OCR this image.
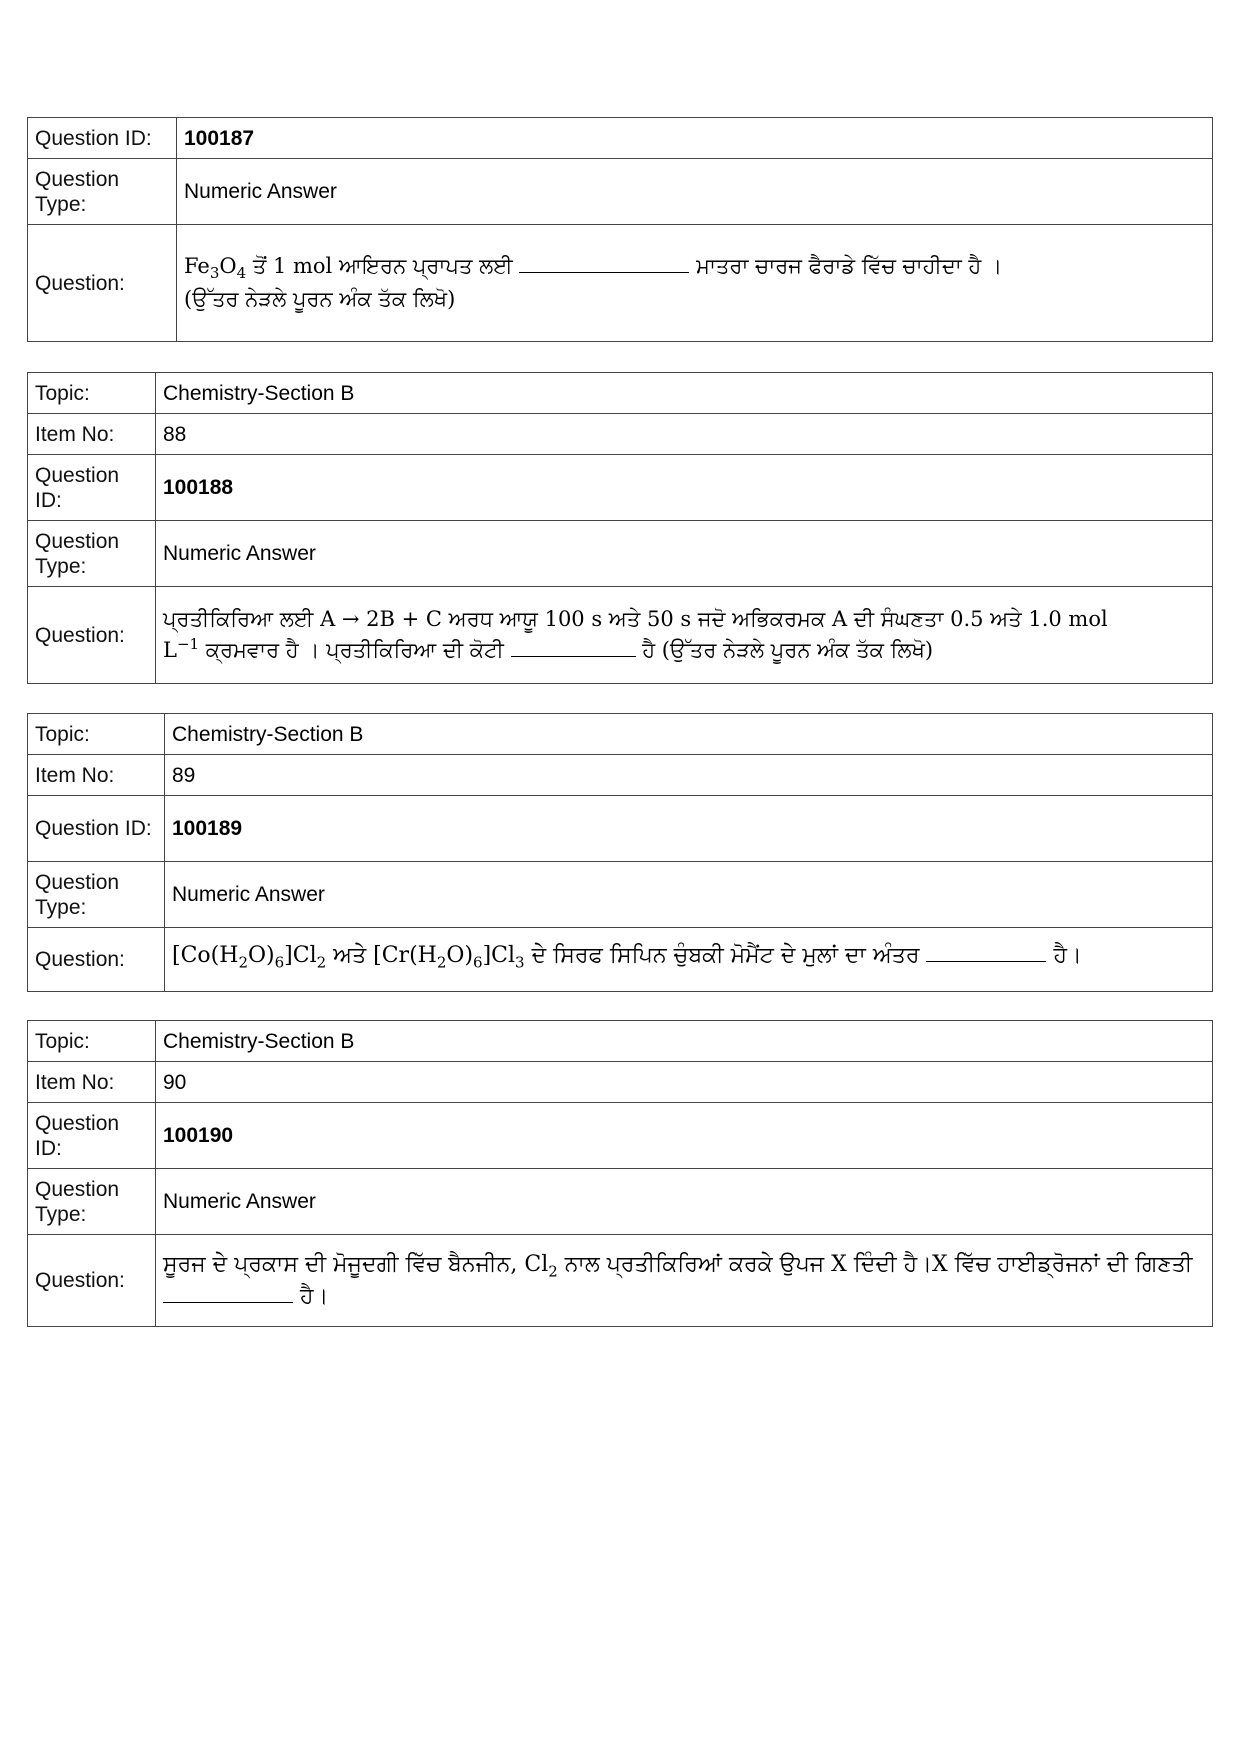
Question ID:	100187
Question Type:	Numeric Answer
Question:	$Fe_3O_4$ ਤੋਂ 1 mol ਆਇਰਨ ਪ੍ਰਾਪਤ ਲਈ ਮਾਤਰਾ ਚਾਰਜ ਫੈਰਾਡੇ ਵਿੱਚ ਚਾਹੀਦਾ ਹੈ ।
(ਉੱਤਰ ਨੇੜਲੇ ਪੂਰਨ ਅੰਕ ਤੱਕ ਲਿਖੋ)
Topic:	Chemistry-Section B
Item No:	88
Question ID:	100188
Question Type:	Numeric Answer
Question:	ਪ੍ਰਤੀਕਿਰਿਆ ਲਈ A → 2B + C ਅਰਧ ਆਯੂ 100 s ਅਤੇ 50 s ਜਦੋ ਅਭਿਕਰਮਕ A ਦੀ ਸੰਘਣਤਾ 0.5 ਅਤੇ 1.0 mol
$L^{-1}$ ਕ੍ਰਮਵਾਰ ਹੈ । ਪ੍ਰਤੀਕਿਰਿਆ ਦੀ ਕੋਟੀ ਹੈ (ਉੱਤਰ ਨੇੜਲੇ ਪੂਰਨ ਅੰਕ ਤੱਕ ਲਿਖੋ)
Topic:	Chemistry-Section B
Item No:	89
Question ID:	100189
Question Type:	Numeric Answer
Question:	$[Co(H_2O)_6]Cl_2$ ਅਤੇ $[Cr(H_2O)_6]Cl_3$ ਦੇ ਸਿਰਫ ਸਿਪਿਨ ਚੁੰਬਕੀ ਮੋਮੈਂਟ ਦੇ ਮੁਲਾਂ ਦਾ ਅੰਤਰ ਹੈ।
Topic:	Chemistry-Section B
Item No:	90
Question ID:	100190
Question Type:	Numeric Answer
Question:	ਸੂਰਜ ਦੇ ਪ੍ਰਕਾਸ ਦੀ ਮੋਜੂਦਗੀ ਵਿੱਚ ਬੈਨਜੀਨ, $Cl_2$ ਨਾਲ ਪ੍ਰਤੀਕਿਰਿਆਂ ਕਰਕੇ ਉਪਜ X ਦਿੰਦੀ ਹੈ।X ਵਿੱਚ ਹਾਈਡ੍ਰੋਜਨਾਂ ਦੀ ਗਿਣਤੀ
ਹੈ।
